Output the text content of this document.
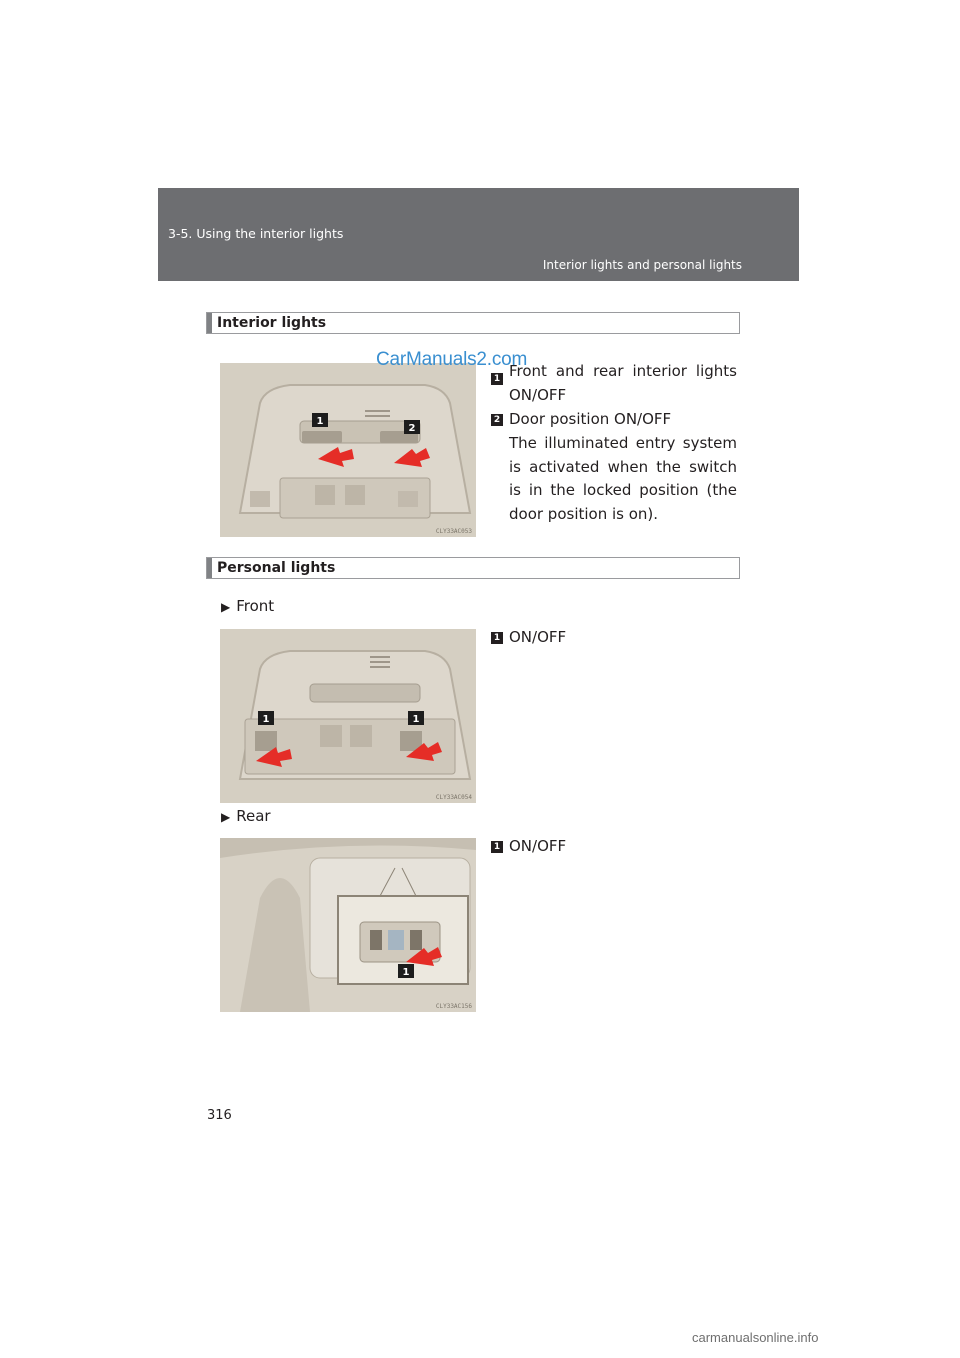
3-5. Using the interior lights
Interior lights and personal lights
Interior lights
1
2
CLY33AC053
CarManuals2.com
1 Front and rear interior lights ON/OFF
2 Door position ON/OFF
The illuminated entry system is activated when the switch is in the locked position (the door position is on).
Personal lights
▶ Front
1	1
CLY33AC054
1 ON/OFF
▶ Rear
1
CLY33AC156
1 ON/OFF
316
carmanualsonline.info
